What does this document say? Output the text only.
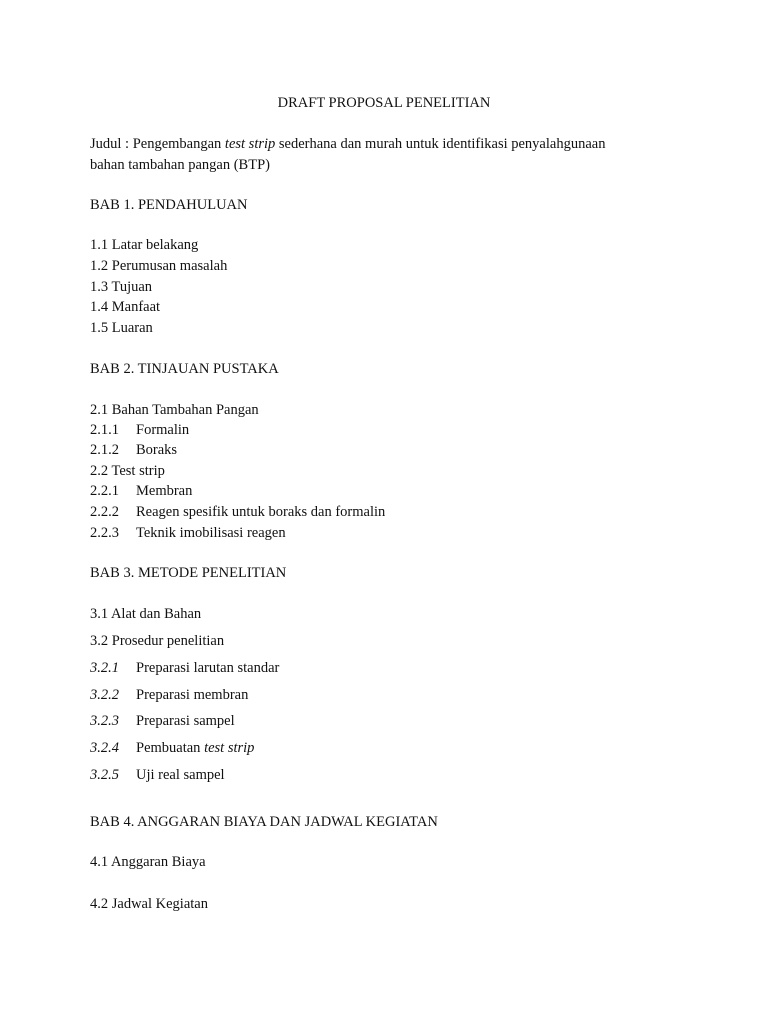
DRAFT PROPOSAL PENELITIAN
Judul : Pengembangan test strip sederhana dan murah untuk identifikasi penyalahgunaan
bahan tambahan pangan (BTP)
BAB 1. PENDAHULUAN
1.1 Latar belakang
1.2 Perumusan masalah
1.3 Tujuan
1.4 Manfaat
1.5 Luaran
BAB 2. TINJAUAN PUSTAKA
2.1 Bahan Tambahan Pangan
2.1.1 Formalin
2.1.2 Boraks
2.2 Test strip
2.2.1 Membran
2.2.2 Reagen spesifik untuk boraks dan formalin
2.2.3 Teknik imobilisasi reagen
BAB 3. METODE PENELITIAN
3.1 Alat dan Bahan
3.2 Prosedur penelitian
3.2.1 Preparasi larutan standar
3.2.2 Preparasi membran
3.2.3 Preparasi sampel
3.2.4 Pembuatan test strip
3.2.5 Uji real sampel
BAB 4. ANGGARAN BIAYA DAN JADWAL KEGIATAN
4.1 Anggaran Biaya
4.2 Jadwal Kegiatan
